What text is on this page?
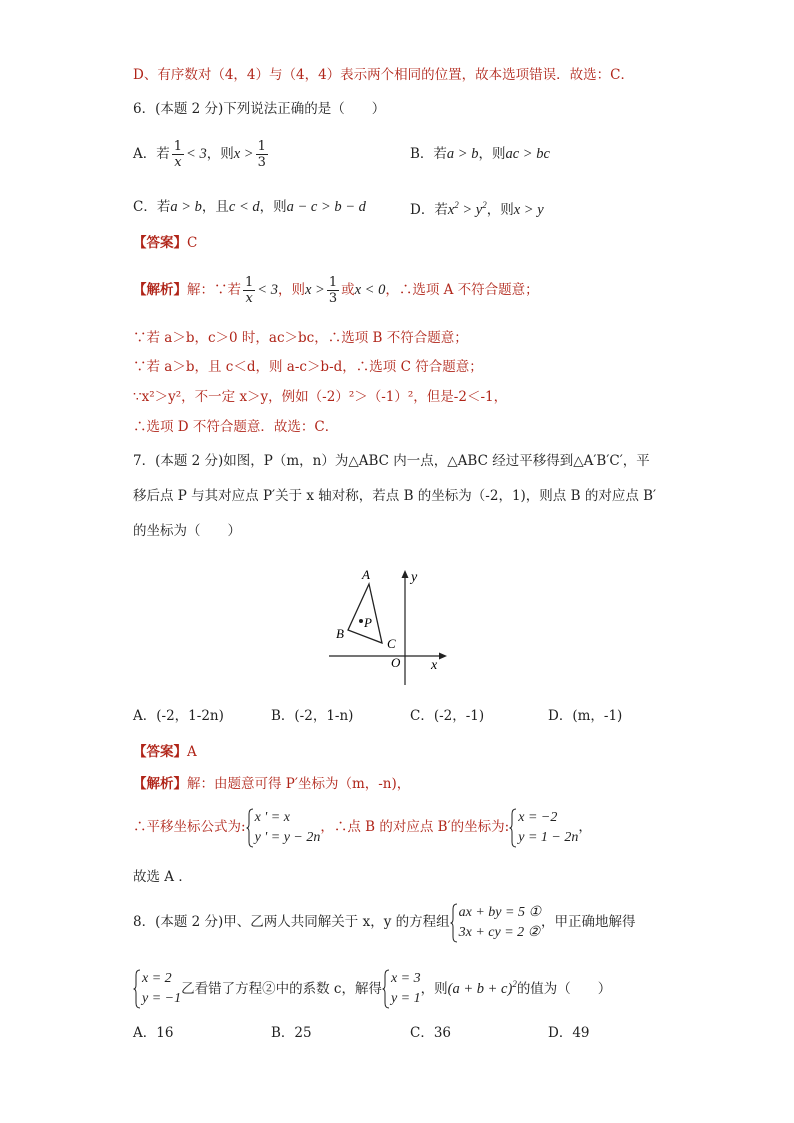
D、有序数对（4，4）与（4，4）表示两个相同的位置，故本选项错误．故选：C．
6．(本题 2 分)下列说法正确的是（　　）
A．若 $\frac{1}{x} < 3$，则$x > \frac{1}{3}$	B．若a > b，则ac > bc
C．若a > b，且c < d，则a − c > b − d	D．若$x^2 > y^2$，则x > y
【答案】C
【解析】解：∵若 $\frac{1}{x} < 3$，则$x > \frac{1}{3}$ 或x < 0，∴选项 A 不符合题意；
∵若 a＞b，c＞0 时，ac＞bc，∴选项 B 不符合题意；
∵若 a＞b，且 c＜d，则 a-c＞b-d，∴选项 C 符合题意；
∵x²＞y²，不一定 x＞y，例如（-2）²＞（-1）²，但是-2＜-1，
∴选项 D 不符合题意．故选：C．
7．(本题 2 分)如图，P（m，n）为△ABC 内一点，△ABC 经过平移得到△A′B′C′，平
移后点 P 与其对应点 P′关于 x 轴对称，若点 B 的坐标为（-2，1)，则点 B 的对应点 B′
的坐标为（　　）
A
B
C
P
O x
y
A．(-2，1-2n)	B．(-2，1-n)	C．(-2，-1)	D．(m，-1)
【答案】A
【解析】解：由题意可得 P′坐标为（m，-n)，
∴平移坐标公式为:
x ' = x
y ' = y − 2n
，∴点 B 的对应点 B′的坐标为:
x = −2
y = 1 − 2n
，
故选 A ．
8．(本题 2 分)甲、乙两人共同解关于 x，y 的方程组
ax + by = 5 ①
3x + cy = 2 ②
，甲正确地解得
x = 2
y = −1
乙看错了方程②中的系数 c，解得
x = 3
y = 1
，则$(a + b + c)^2$的值为（　　）
A．16	B．25	C．36	D．49
